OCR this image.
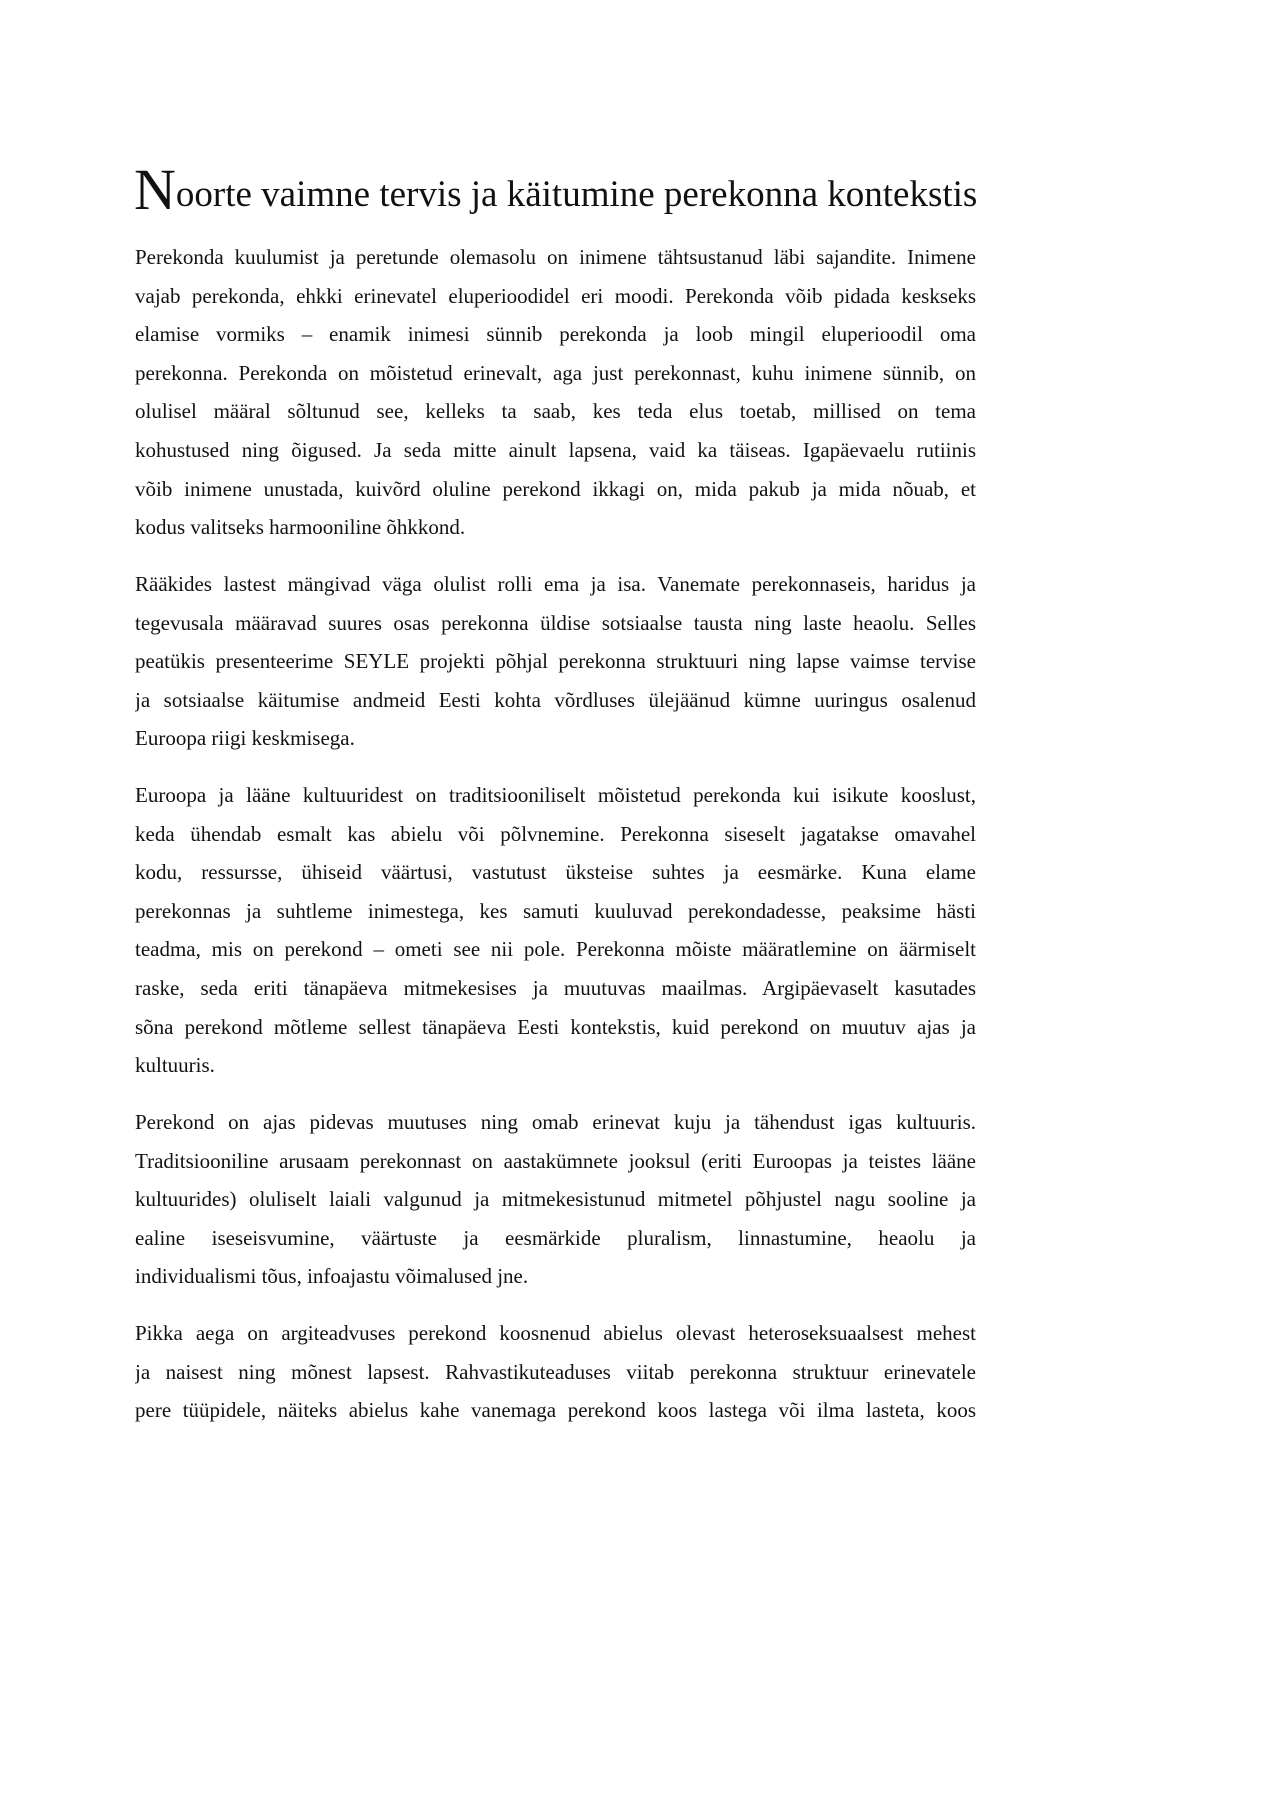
Noorte vaimne tervis ja käitumine perekonna kontekstis
Perekonda kuulumist ja peretunde olemasolu on inimene tähtsustanud läbi sajandite. Inimene
vajab perekonda, ehkki erinevatel eluperioodidel eri moodi. Perekonda võib pidada keskseks
elamise vormiks – enamik inimesi sünnib perekonda ja loob mingil eluperioodil oma
perekonna. Perekonda on mõistetud erinevalt, aga just perekonnast, kuhu inimene sünnib, on
olulisel määral sõltunud see, kelleks ta saab, kes teda elus toetab, millised on tema
kohustused ning õigused. Ja seda mitte ainult lapsena, vaid ka täiseas. Igapäevaelu rutiinis
võib inimene unustada, kuivõrd oluline perekond ikkagi on, mida pakub ja mida nõuab, et
kodus valitseks harmooniline õhkkond.
Rääkides lastest mängivad väga olulist rolli ema ja isa. Vanemate perekonnaseis, haridus ja
tegevusala määravad suures osas perekonna üldise sotsiaalse tausta ning laste heaolu. Selles
peatükis presenteerime SEYLE projekti põhjal perekonna struktuuri ning lapse vaimse tervise
ja sotsiaalse käitumise andmeid Eesti kohta võrdluses ülejäänud kümne uuringus osalenud
Euroopa riigi keskmisega.
Euroopa ja lääne kultuuridest on traditsiooniliselt mõistetud perekonda kui isikute kooslust,
keda ühendab esmalt kas abielu või põlvnemine. Perekonna siseselt jagatakse omavahel
kodu, ressursse, ühiseid väärtusi, vastutust üksteise suhtes ja eesmärke. Kuna elame
perekonnas ja suhtleme inimestega, kes samuti kuuluvad perekondadesse, peaksime hästi
teadma, mis on perekond – ometi see nii pole. Perekonna mõiste määratlemine on äärmiselt
raske, seda eriti tänapäeva mitmekesises ja muutuvas maailmas. Argipäevaselt kasutades
sõna perekond mõtleme sellest tänapäeva Eesti kontekstis, kuid perekond on muutuv ajas ja
kultuuris.
Perekond on ajas pidevas muutuses ning omab erinevat kuju ja tähendust igas kultuuris.
Traditsiooniline arusaam perekonnast on aastakümnete jooksul (eriti Euroopas ja teistes lääne
kultuurides) oluliselt laiali valgunud ja mitmekesistunud mitmetel põhjustel nagu sooline ja
ealine iseseisvumine, väärtuste ja eesmärkide pluralism, linnastumine, heaolu ja
individualismi tõus, infoajastu võimalused jne.
Pikka aega on argiteadvuses perekond koosnenud abielus olevast heteroseksuaalsest mehest
ja naisest ning mõnest lapsest. Rahvastikuteaduses viitab perekonna struktuur erinevatele
pere tüüpidele, näiteks abielus kahe vanemaga perekond koos lastega või ilma lasteta, koos
